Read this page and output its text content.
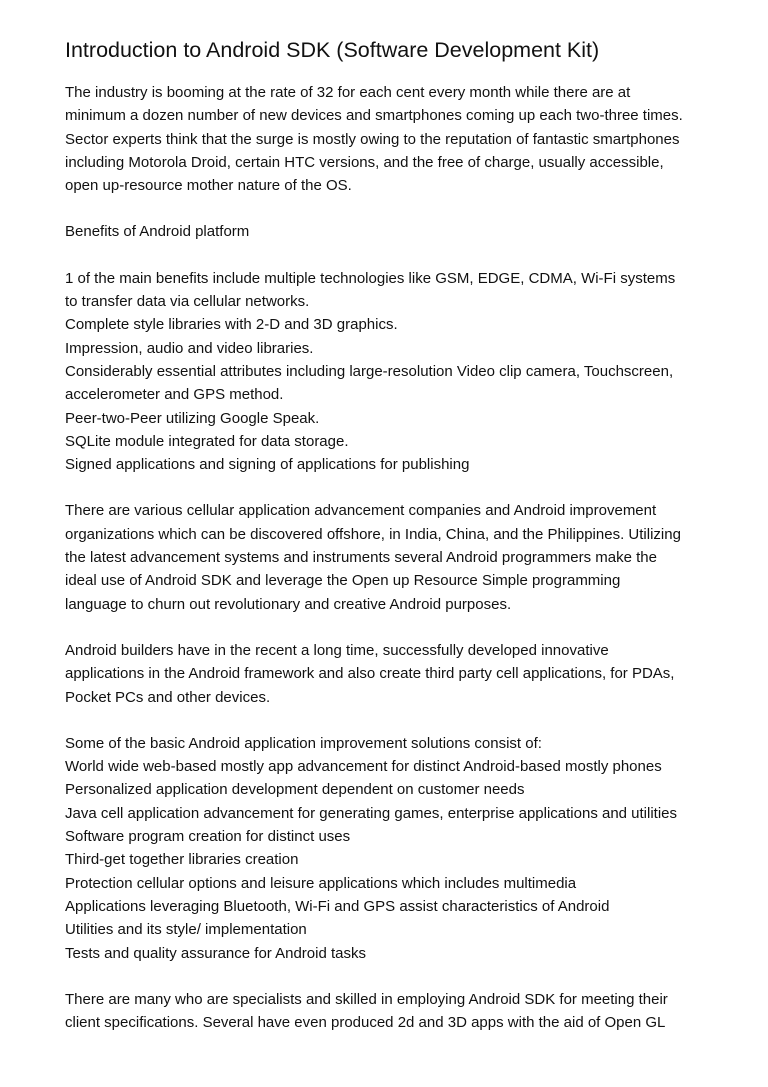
Introduction to Android SDK (Software Development Kit)
The industry is booming at the rate of 32 for each cent every month while there are at
minimum a dozen number of new devices and smartphones coming up each two-three times.
Sector experts think that the surge is mostly owing to the reputation of fantastic smartphones
including Motorola Droid, certain HTC versions, and the free of charge, usually accessible,
open up-resource mother nature of the OS.
Benefits of Android platform
1 of the main benefits include multiple technologies like GSM, EDGE, CDMA, Wi-Fi systems
to transfer data via cellular networks.
Complete style libraries with 2-D and 3D graphics.
Impression, audio and video libraries.
Considerably essential attributes including large-resolution Video clip camera, Touchscreen,
accelerometer and GPS method.
Peer-two-Peer utilizing Google Speak.
SQLite module integrated for data storage.
Signed applications and signing of applications for publishing
There are various cellular application advancement companies and Android improvement
organizations which can be discovered offshore, in India, China, and the Philippines. Utilizing
the latest advancement systems and instruments several Android programmers make the
ideal use of Android SDK and leverage the Open up Resource Simple programming
language to churn out revolutionary and creative Android purposes.
Android builders have in the recent a long time, successfully developed innovative
applications in the Android framework and also create third party cell applications, for PDAs,
Pocket PCs and other devices.
Some of the basic Android application improvement solutions consist of:
World wide web-based mostly app advancement for distinct Android-based mostly phones
Personalized application development dependent on customer needs
Java cell application advancement for generating games, enterprise applications and utilities
Software program creation for distinct uses
Third-get together libraries creation
Protection cellular options and leisure applications which includes multimedia
Applications leveraging Bluetooth, Wi-Fi and GPS assist characteristics of Android
Utilities and its style/ implementation
Tests and quality assurance for Android tasks
There are many who are specialists and skilled in employing Android SDK for meeting their
client specifications. Several have even produced 2d and 3D apps with the aid of Open GL
